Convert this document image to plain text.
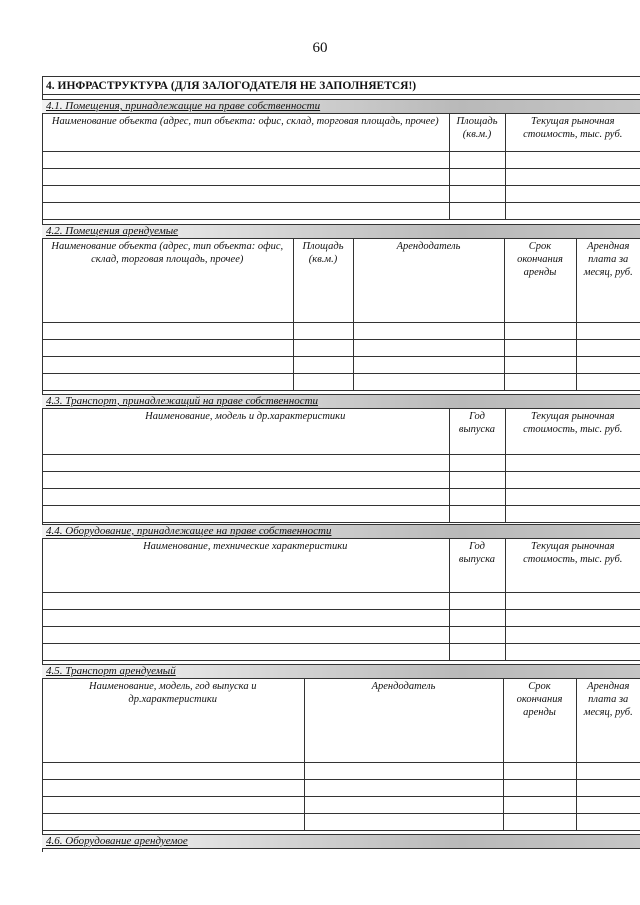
60
4. ИНФРАСТРУКТУРА (ДЛЯ ЗАЛОГОДАТЕЛЯ НЕ ЗАПОЛНЯЕТСЯ!)
4.1. Помещения, принадлежащие на праве собственности
Наименование объекта (адрес, тип объекта: офис, склад, торговая площадь, прочее)	Площадь (кв.м.)	Текущая рыночная стоимость, тыс. руб.

4.2. Помещения арендуемые
Наименование объекта (адрес, тип объекта: офис, склад, торговая площадь, прочее)	Площадь (кв.м.)	Арендодатель	Срок окончания аренды	Арендная плата за месяц, руб.

4.3. Транспорт, принадлежащий на праве собственности
Наименование, модель и др.характеристики	Год выпуска	Текущая рыночная стоимость, тыс. руб.

4.4. Оборудование, принадлежащее на праве собственности
Наименование, технические характеристики	Год выпуска	Текущая рыночная стоимость, тыс. руб.

4.5. Транспорт арендуемый
Наименование, модель, год выпуска и др.характеристики	Арендодатель	Срок окончания аренды	Арендная плата за месяц, руб.

4.6. Оборудование арендуемое
